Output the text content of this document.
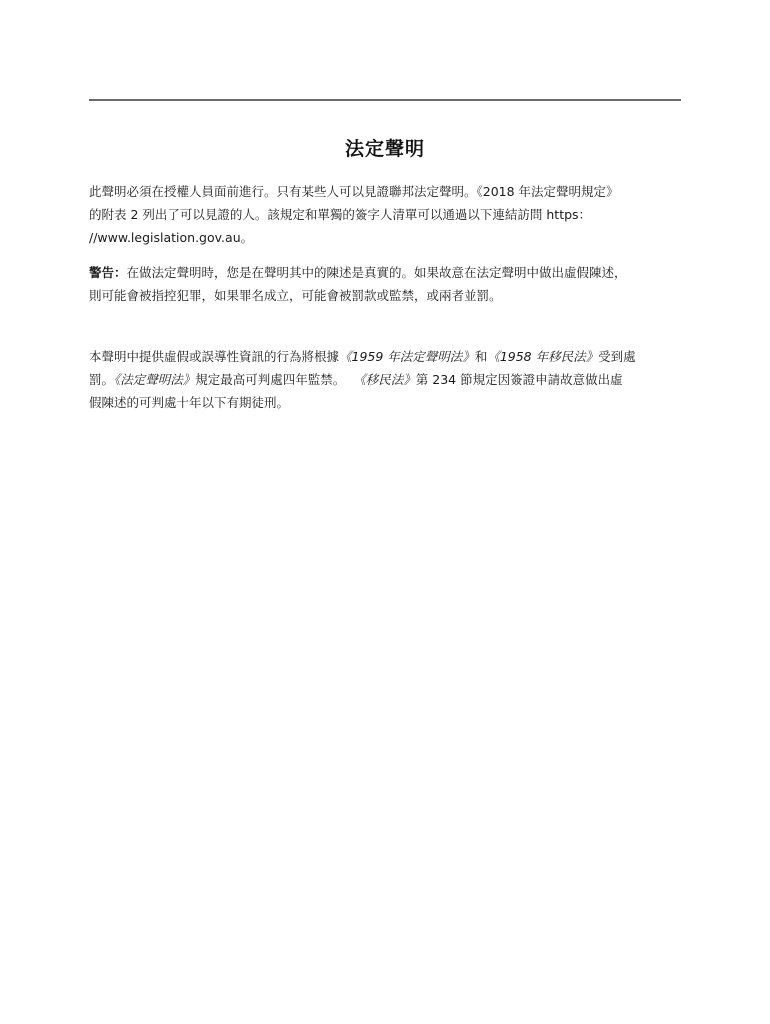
法定聲明
此聲明必須在授權人員面前進行。只有某些人可以見證聯邦法定聲明。《2018 年法定聲明規定》
的附表 2 列出了可以見證的人。該規定和單獨的簽字人清單可以通過以下連結訪問 https：
//www.legislation.gov.au。
警告：在做法定聲明時，您是在聲明其中的陳述是真實的。如果故意在法定聲明中做出虛假陳述，
則可能會被指控犯罪，如果罪名成立，可能會被罰款或監禁，或兩者並罰。
本聲明中提供虛假或誤導性資訊的行為將根據《1959 年法定聲明法》和《1958 年移民法》受到處
罰。《法定聲明法》規定最高可判處四年監禁。 《移民法》第 234 節規定因簽證申請故意做出虛
假陳述的可判處十年以下有期徒刑。
